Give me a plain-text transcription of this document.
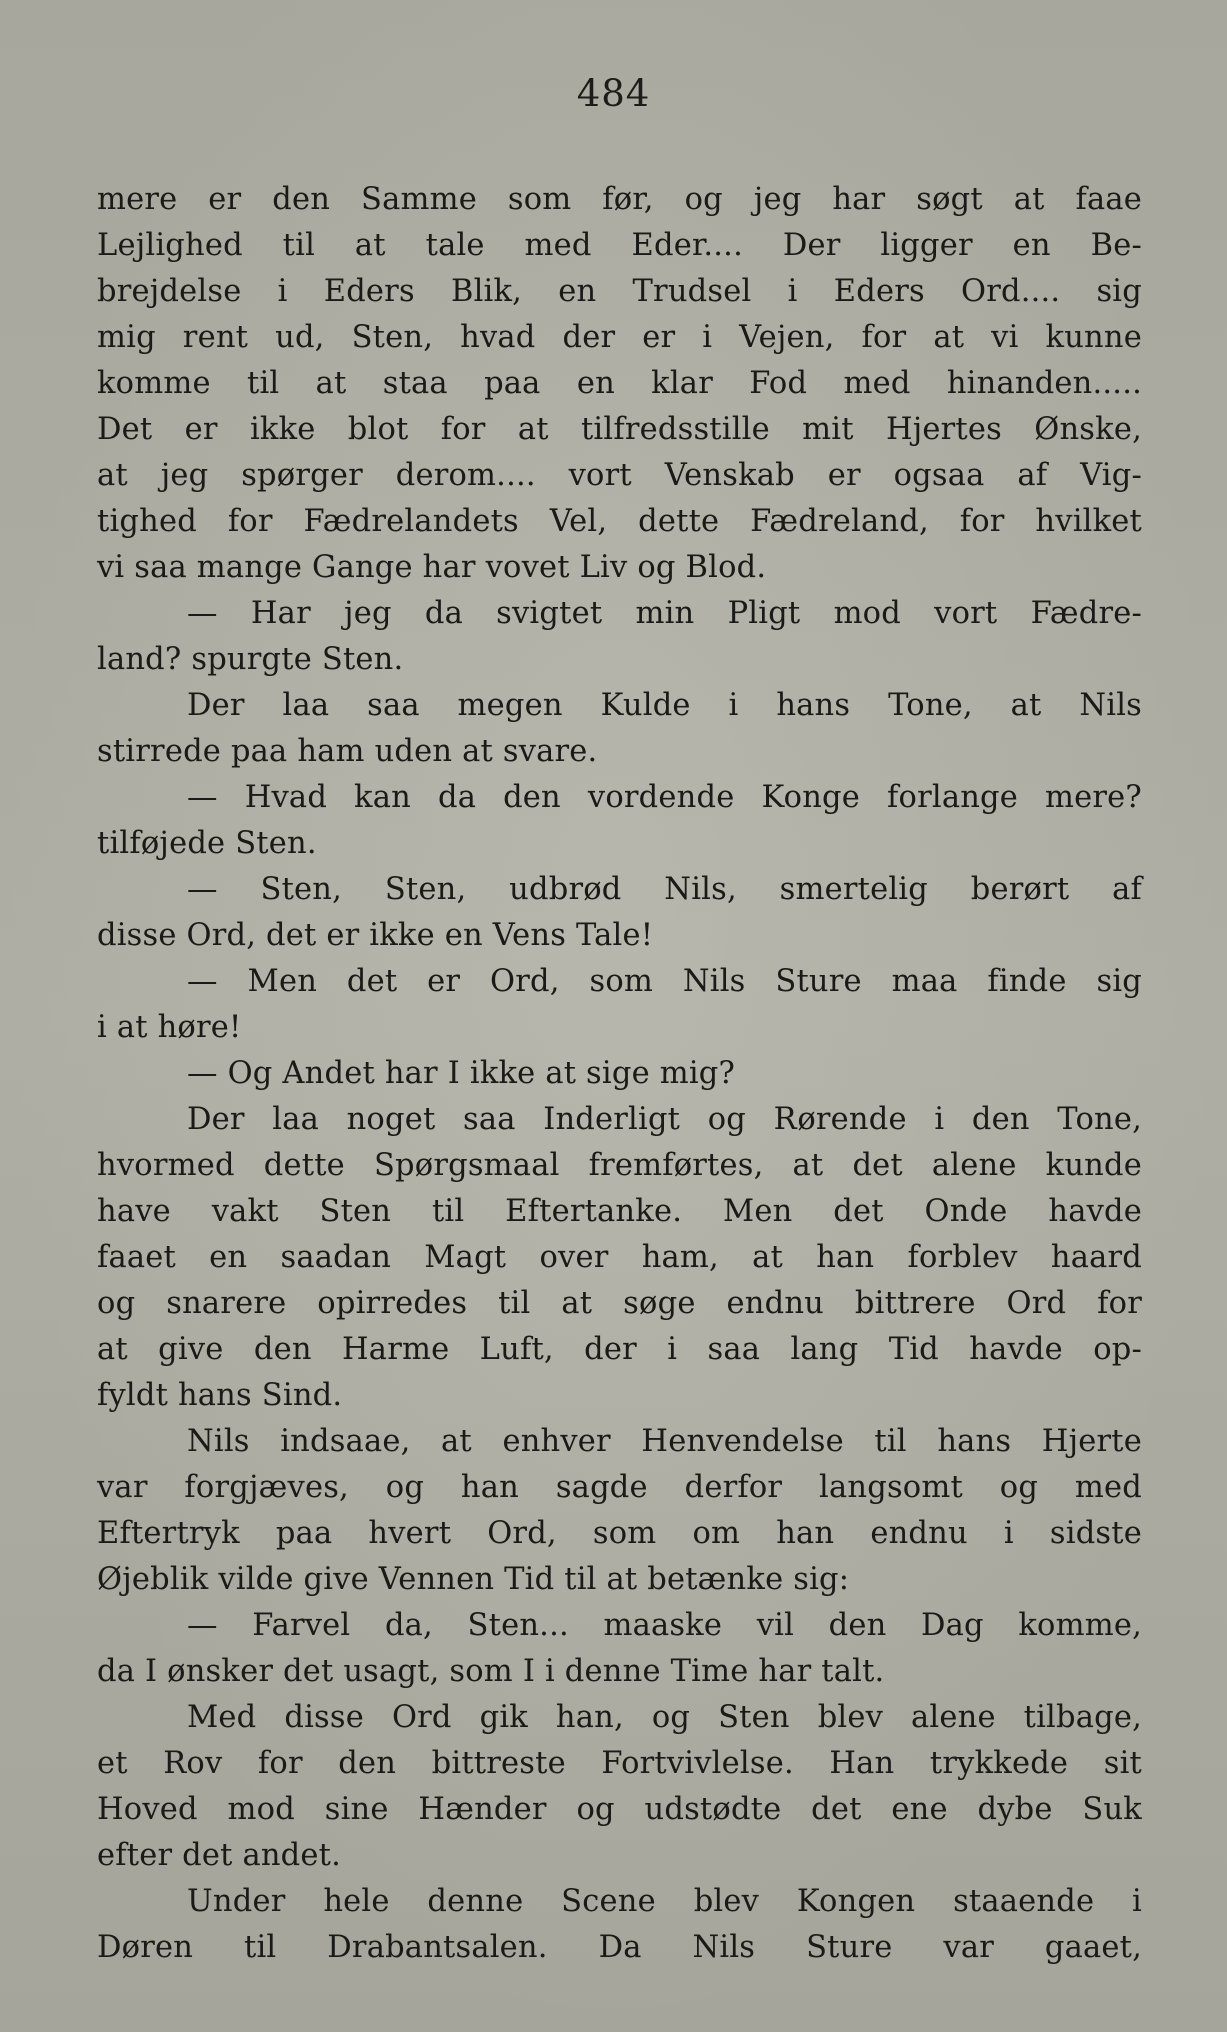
484
mere er den Samme som før, og jeg har søgt at faae
Lejlighed til at tale med Eder.... Der ligger en Be-
brejdelse i Eders Blik, en Trudsel i Eders Ord.... sig
mig rent ud, Sten, hvad der er i Vejen, for at vi kunne
komme til at staa paa en klar Fod med hinanden.....
Det er ikke blot for at tilfredsstille mit Hjertes Ønske,
at jeg spørger derom.... vort Venskab er ogsaa af Vig-
tighed for Fædrelandets Vel, dette Fædreland, for hvilket
vi saa mange Gange har vovet Liv og Blod.
— Har jeg da svigtet min Pligt mod vort Fædre-
land? spurgte Sten.
Der laa saa megen Kulde i hans Tone, at Nils
stirrede paa ham uden at svare.
— Hvad kan da den vordende Konge forlange mere?
tilføjede Sten.
— Sten, Sten, udbrød Nils, smertelig berørt af
disse Ord, det er ikke en Vens Tale!
— Men det er Ord, som Nils Sture maa finde sig
i at høre!
— Og Andet har I ikke at sige mig?
Der laa noget saa Inderligt og Rørende i den Tone,
hvormed dette Spørgsmaal fremførtes, at det alene kunde
have vakt Sten til Eftertanke. Men det Onde havde
faaet en saadan Magt over ham, at han forblev haard
og snarere opirredes til at søge endnu bittrere Ord for
at give den Harme Luft, der i saa lang Tid havde op-
fyldt hans Sind.
Nils indsaae, at enhver Henvendelse til hans Hjerte
var forgjæves, og han sagde derfor langsomt og med
Eftertryk paa hvert Ord, som om han endnu i sidste
Øjeblik vilde give Vennen Tid til at betænke sig:
— Farvel da, Sten... maaske vil den Dag komme,
da I ønsker det usagt, som I i denne Time har talt.
Med disse Ord gik han, og Sten blev alene tilbage,
et Rov for den bittreste Fortvivlelse. Han trykkede sit
Hoved mod sine Hænder og udstødte det ene dybe Suk
efter det andet.
Under hele denne Scene blev Kongen staaende i
Døren til Drabantsalen. Da Nils Sture var gaaet,
